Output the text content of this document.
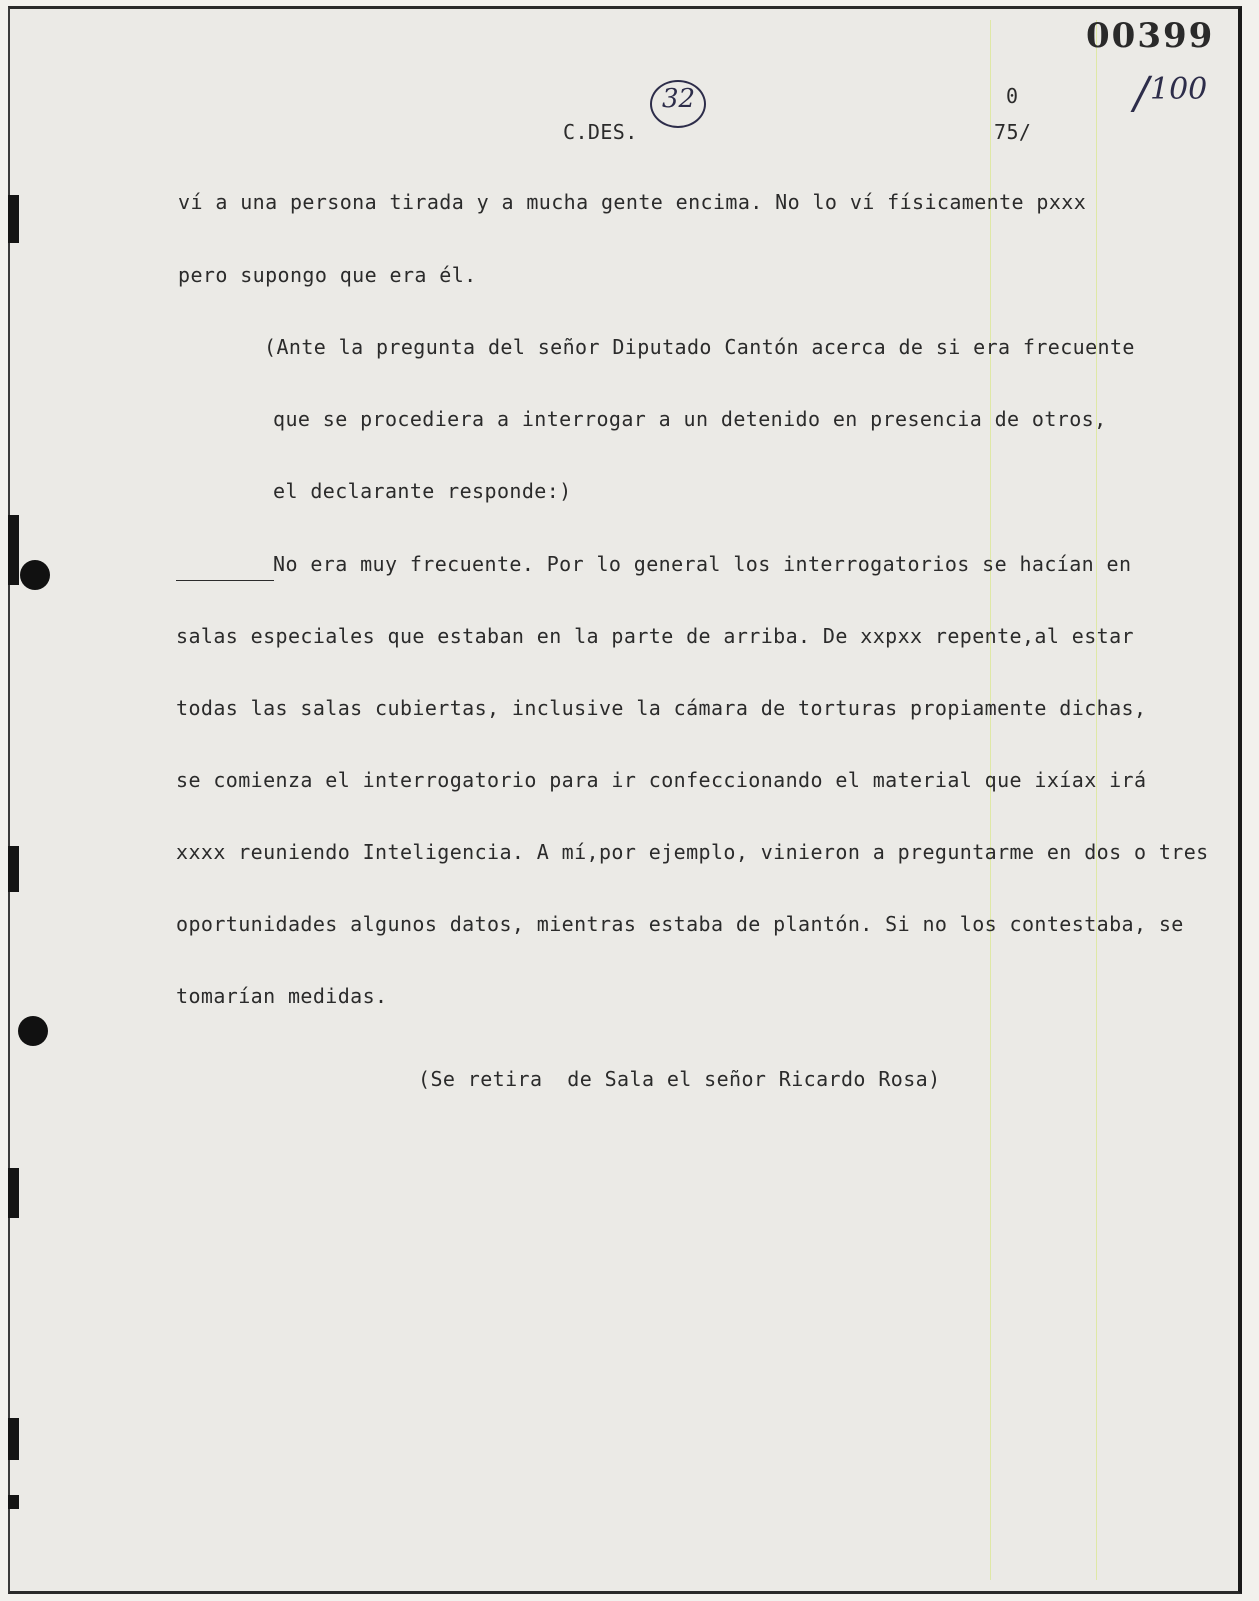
00399
100
/
32
C.DES.
0
75/
ví a una persona tirada y a mucha gente encima. No lo ví físicamente pxxx
pero supongo que era él.
(Ante la pregunta del señor Diputado Cantón acerca de si era frecuente
que se procediera a interrogar a un detenido en presencia de otros,
el declarante responde:)
No era muy frecuente. Por lo general los interrogatorios se hacían en
salas especiales que estaban en la parte de arriba. De xxpxx repente,al estar
todas las salas cubiertas, inclusive la cámara de torturas propiamente dichas,
se comienza el interrogatorio para ir confeccionando el material que ixíax irá
xxxx reuniendo Inteligencia. A mí,por ejemplo, vinieron a preguntarme en dos o tres
oportunidades algunos datos, mientras estaba de plantón. Si no los contestaba, se
tomarían medidas.
(Se retira  de Sala el señor Ricardo Rosa)
